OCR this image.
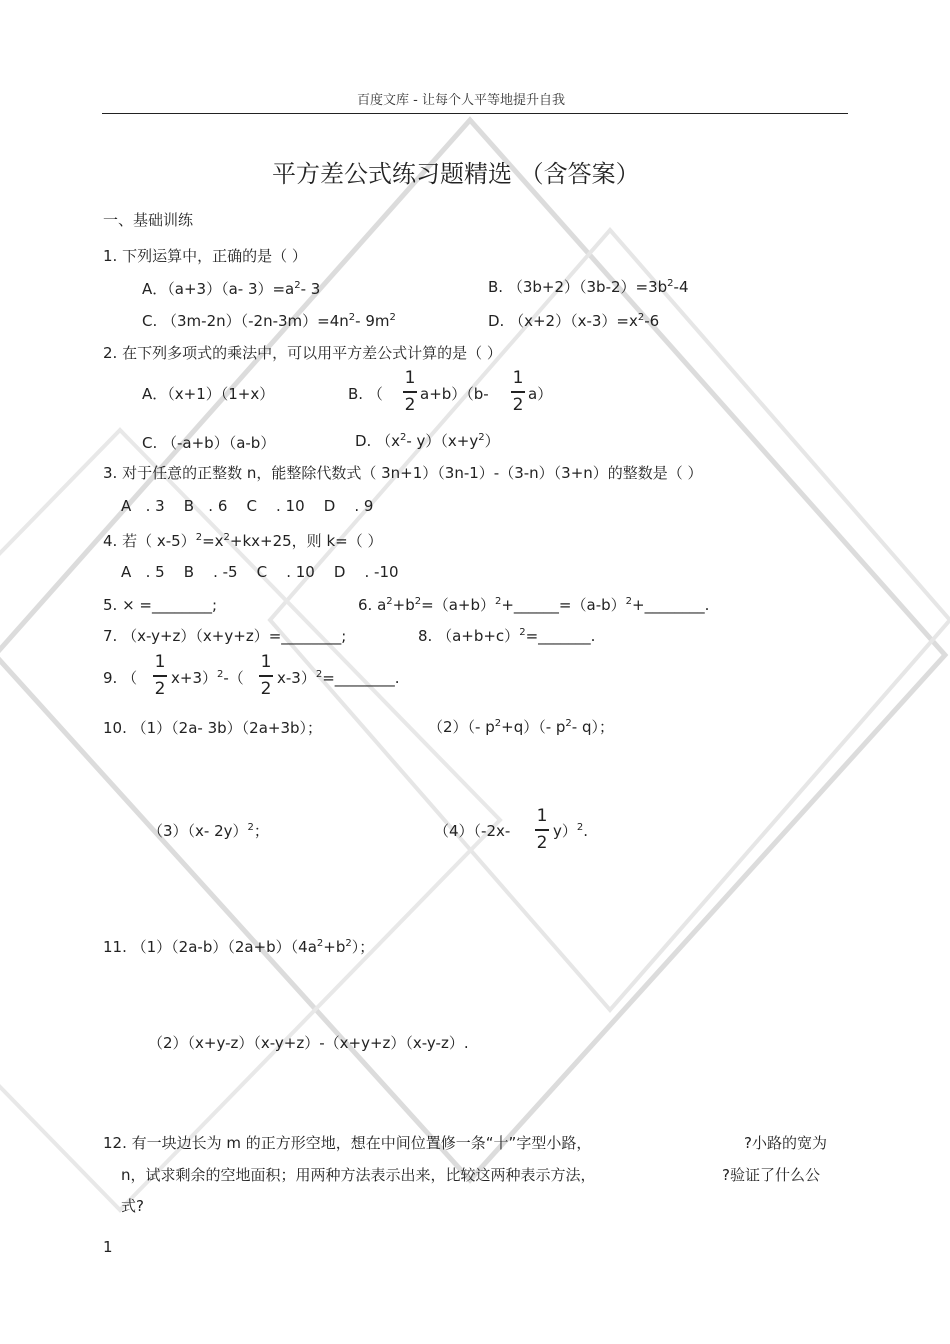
百度文库 - 让每个人平等地提升自我
平方差公式练习题精选 （含答案）
一、基础训练
1. 下列运算中，正确的是（ ）
A．（a+3）（a- $3)=a^2-$ 3	B. $(3b+2)(3b-2)=3b^2-4$
C. $(3m-2n)(-2n-3m)=4n^2-$ $9m^2$	D. $(x+2)(x-3)=x^2-6$
2. 在下列多项式的乘法中，可以用平方差公式计算的是（ ）
A．（x+1）（1+x）	B. （
1
2
a+b）（b-
1
2
a）
C. （-a+b）（a-b）	D. （$x^2-$ $y)(x+y^2)$
3. 对于任意的正整数 n，能整除代数式（ 3n+1）（3n-1）-（3-n）（3+n）的整数是（ ）
A   . 3    B   . 6    C    . 10    D    . 9
4. 若（ $x-5)^2=x^2+kx+25$，则 k=（ ）
A   . 5    B    . -5    C    . 10    D    . -10
5. × =________;	6. $a^2+b^2=(a+b)^2+\_\_\_\_\_\_=(a-b)^2+\_\_\_\_\_\_\_\_$.
7. （x-y+z）（x+y+z）=________;	8. $(a+b+c)^2=\_\_\_\_\_\_\_$.
9. （
1
2
x+3）$^2$-（
1
2
x-3）$^2$=________.
10. （1）（2a- 3b）（2a+3b）；	（2）（- $p^2+q)(-$ $p^2-$ q）；
（3）（x- 2y）$^2$；	（4）（-2x-
1
2
y）$^2$.
11. $(1)(2a-b)(2a+b)(4a^2+b^2)$；
（2）（x+y-z）（x-y+z）-（x+y+z）（x-y-z）.
12. 有一块边长为 m 的正方形空地，想在中间位置修一条“十”字型小路，	?小路的宽为
n，试求剩余的空地面积；用两种方法表示出来，比较这两种表示方法，	?验证了什么公
式?
1
